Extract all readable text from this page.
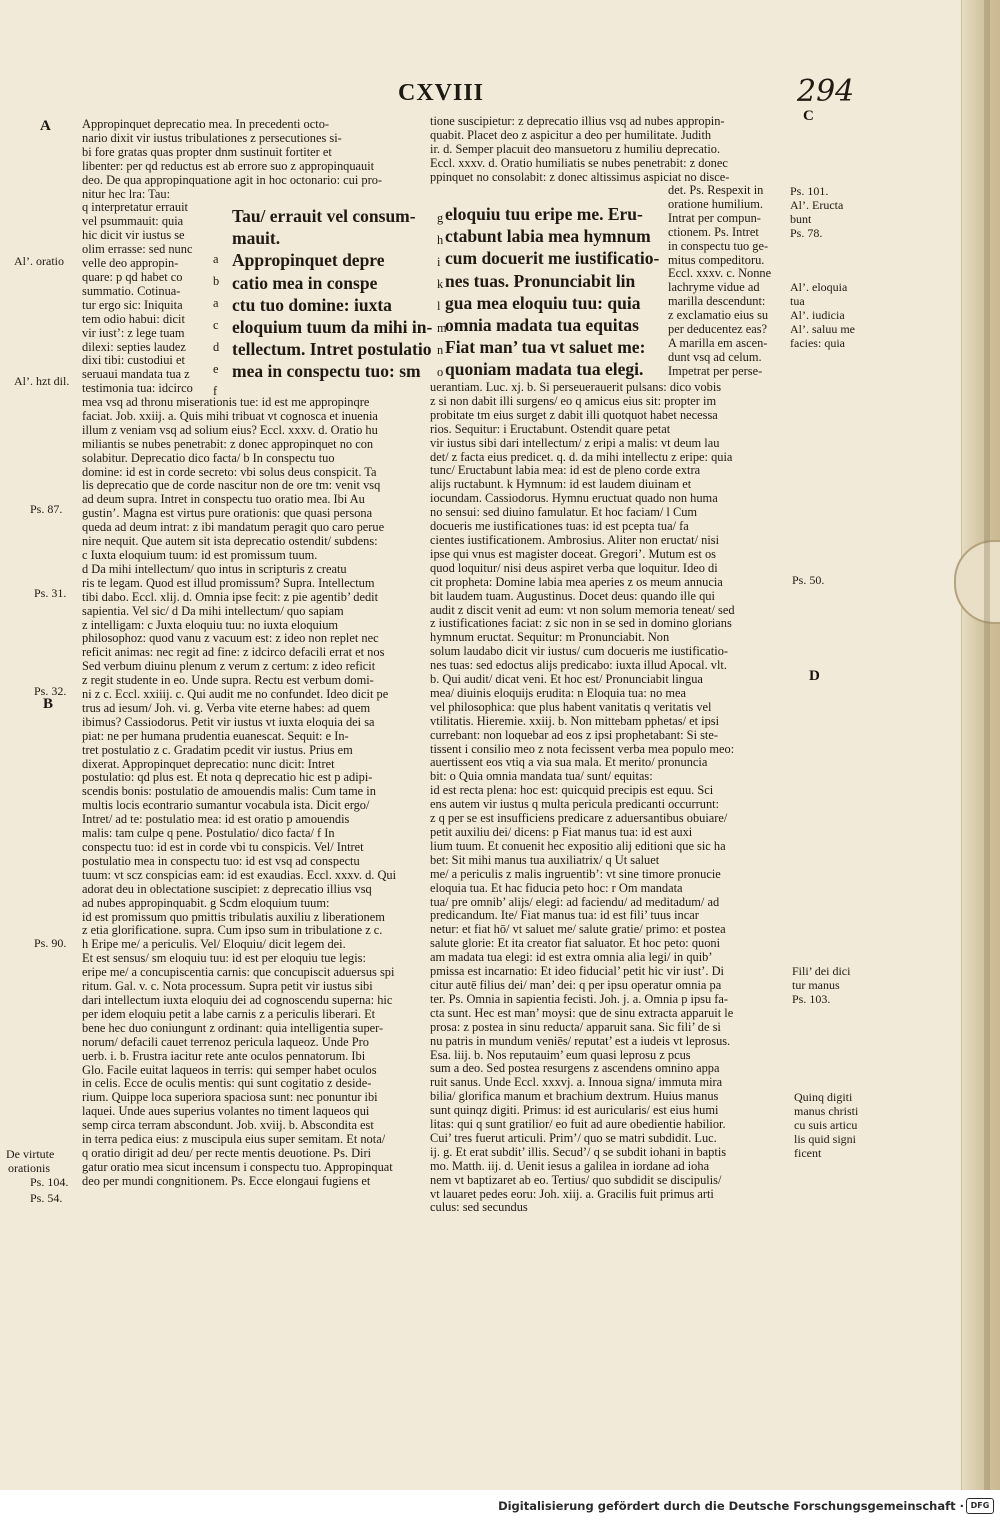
CXVIII	294
A
C
D
B

Appropinquet deprecatio mea. In precedenti octo-

nario dixit vir iustus tribulationes z persecutiones si-

bi fore gratas quas propter dnm sustinuit fortiter et

libenter: per qd reductus est ab errore suo z appropinquauit

deo. De qua appropinquatione agit in hoc octonario: cui pro-

nitur hec lra: Tau:

q interpretatur errauit

vel psummauit: quia

hic dicit vir iustus se

olim errasse: sed nunc

velle deo appropin-

quare: p qd habet co

summatio. Cotinua-

tur ergo sic: Iniquita

tem odio habui: dicit

vir iust’: z lege tuam

dilexi: septies laudez

dixi tibi: custodiui et

seruaui mandata tua z

testimonia tua: idcirco

Tau/ errauit vel consum-

mauit.

Appropinquet depre

catio mea in conspe

ctu tuo domine: iuxta

eloquium tuum da mihi in-

tellectum. Intret postulatio

mea in conspectu tuo: sm

a

b

a

c

d

e

f

eloquiu tuu eripe me. Eru-

ctabunt labia mea hymnum

cum docuerit me iustificatio-

nes tuas. Pronunciabit lin

gua mea eloquiu tuu: quia

omnia madata tua equitas

Fiat man’ tua vt saluet me:

quoniam madata tua elegi.

tione suscipietur: z deprecatio illius vsq ad nubes appropin-

quabit. Placet deo z aspicitur a deo per humilitate. Judith

ir. d. Semper placuit deo mansuetoru z humiliu deprecatio.

Eccl. xxxv. d. Oratio humiliatis se nubes penetrabit: z donec

ppinquet no consolabit: z donec altissimus aspiciat no disce-

det. Ps. Respexit in

oratione humilium.

Intrat per compun-

ctionem. Ps. Intret

in conspectu tuo ge-

mitus compeditoru.

Eccl. xxxv. c. Nonne

lachryme vidue ad

marilla descendunt:

z exclamatio eius su

per deducentez eas?

A marilla em ascen-

dunt vsq ad celum.

Impetrat per perse-

g

h

i

k

l

m

n

o

mea vsq ad thronu miserationis tue: id est me appropinqre

faciat. Job. xxiij. a. Quis mihi tribuat vt cognosca et inuenia

illum z veniam vsq ad solium eius? Eccl. xxxv. d. Oratio hu

miliantis se nubes penetrabit: z donec appropinquet no con

solabitur. Deprecatio dico facta/ b In conspectu tuo

domine: id est in corde secreto: vbi solus deus conspicit. Ta

lis deprecatio que de corde nascitur non de ore tm: venit vsq

ad deum supra. Intret in conspectu tuo oratio mea. Ibi Au

gustin’. Magna est virtus pure orationis: que quasi persona

queda ad deum intrat: z ibi mandatum peragit quo caro perue

nire nequit. Que autem sit ista deprecatio ostendit/ subdens:

c Iuxta eloquium tuum: id est promissum tuum.

d Da mihi intellectum/ quo intus in scripturis z creatu

ris te legam. Quod est illud promissum? Supra. Intellectum

tibi dabo. Eccl. xlij. d. Omnia ipse fecit: z pie agentib’ dedit

sapientia. Vel sic/ d Da mihi intellectum/ quo sapiam

z intelligam: c Juxta eloquiu tuu: no iuxta eloquium

philosophoz: quod vanu z vacuum est: z ideo non replet nec

reficit animas: nec regit ad fine: z idcirco defacili errat et nos

Sed verbum diuinu plenum z verum z certum: z ideo reficit

z regit studente in eo. Unde supra. Rectu est verbum domi-

ni z c. Eccl. xxiiij. c. Qui audit me no confundet. Ideo dicit pe

trus ad iesum/ Joh. vi. g. Verba vite eterne habes: ad quem

ibimus? Cassiodorus. Petit vir iustus vt iuxta eloquia dei sa

piat: ne per humana prudentia euanescat. Sequit: e In-

tret postulatio z c. Gradatim pcedit vir iustus. Prius em

dixerat. Appropinquet deprecatio: nunc dicit: Intret

postulatio: qd plus est. Et nota q deprecatio hic est p adipi-

scendis bonis: postulatio de amouendis malis: Cum tame in

multis locis econtrario sumantur vocabula ista. Dicit ergo/

Intret/ ad te: postulatio mea: id est oratio p amouendis

malis: tam culpe q pene. Postulatio/ dico facta/ f In

conspectu tuo: id est in corde vbi tu conspicis. Vel/ Intret

postulatio mea in conspectu tuo: id est vsq ad conspectu

tuum: vt scz conspicias eam: id est exaudias. Eccl. xxxv. d. Qui

adorat deu in oblectatione suscipiet: z deprecatio illius vsq

ad nubes appropinquabit. g Scdm eloquium tuum:

id est promissum quo pmittis tribulatis auxiliu z liberationem

z etia glorificatione. supra. Cum ipso sum in tribulatione z c.

h Eripe me/ a periculis. Vel/ Eloquiu/ dicit legem dei.

Et est sensus/ sm eloquiu tuu: id est per eloquiu tue legis:

eripe me/ a concupiscentia carnis: que concupiscit aduersus spi

ritum. Gal. v. c. Nota processum. Supra petit vir iustus sibi

dari intellectum iuxta eloquiu dei ad cognoscendu superna: hic

per idem eloquiu petit a labe carnis z a periculis liberari. Et

bene hec duo coniungunt z ordinant: quia intelligentia super-

norum/ defacili cauet terrenoz pericula laqueoz. Unde Pro

uerb. i. b. Frustra iacitur rete ante oculos pennatorum. Ibi

Glo. Facile euitat laqueos in terris: qui semper habet oculos

in celis. Ecce de oculis mentis: qui sunt cogitatio z deside-

rium. Quippe loca superiora spaciosa sunt: nec ponuntur ibi

laquei. Unde aues superius volantes no timent laqueos qui

semp circa terram abscondunt. Job. xviij. b. Abscondita est

in terra pedica eius: z muscipula eius super semitam. Et nota/

q oratio dirigit ad deu/ per recte mentis deuotione. Ps. Diri

gatur oratio mea sicut incensum i conspectu tuo. Appropinquat

deo per mundi congnitionem. Ps. Ecce elongaui fugiens et

uerantiam. Luc. xj. b. Si perseuerauerit pulsans: dico vobis

z si non dabit illi surgens/ eo q amicus eius sit: propter im

probitate tm eius surget z dabit illi quotquot habet necessa

rios. Sequitur: i Eructabunt. Ostendit quare petat

vir iustus sibi dari intellectum/ z eripi a malis: vt deum lau

det/ z facta eius predicet. q. d. da mihi intellectu z eripe: quia

tunc/ Eructabunt labia mea: id est de pleno corde extra

alijs ructabunt. k Hymnum: id est laudem diuinam et

iocundam. Cassiodorus. Hymnu eructuat quado non huma

no sensui: sed diuino famulatur. Et hoc faciam/ l Cum

docueris me iustificationes tuas: id est pcepta tua/ fa

cientes iustificationem. Ambrosius. Aliter non eructat/ nisi

ipse qui vnus est magister doceat. Gregori’. Mutum est os

quod loquitur/ nisi deus aspiret verba que loquitur. Ideo di

cit propheta: Domine labia mea aperies z os meum annucia

bit laudem tuam. Augustinus. Docet deus: quando ille qui

audit z discit venit ad eum: vt non solum memoria teneat/ sed

z iustificationes faciat: z sic non in se sed in domino glorians

hymnum eructat. Sequitur: m Pronunciabit. Non

solum laudabo dicit vir iustus/ cum docueris me iustificatio-

nes tuas: sed edoctus alijs predicabo: iuxta illud Apocal. vlt.

b. Qui audit/ dicat veni. Et hoc est/ Pronunciabit lingua

mea/ diuinis eloquijs erudita: n Eloquia tua: no mea

vel philosophica: que plus habent vanitatis q veritatis vel

vtilitatis. Hieremie. xxiij. b. Non mittebam pphetas/ et ipsi

currebant: non loquebar ad eos z ipsi prophetabant: Si ste-

tissent i consilio meo z nota fecissent verba mea populo meo:

auertissent eos vtiq a via sua mala. Et merito/ pronuncia

bit: o Quia omnia mandata tua/ sunt/ equitas:

id est recta plena: hoc est: quicquid precipis est equu. Sci

ens autem vir iustus q multa pericula predicanti occurrunt:

z q per se est insufficiens predicare z aduersantibus obuiare/

petit auxiliu dei/ dicens: p Fiat manus tua: id est auxi

lium tuum. Et conuenit hec expositio alij editioni que sic ha

bet: Sit mihi manus tua auxiliatrix/ q Ut saluet

me/ a periculis z malis ingruentib’: vt sine timore pronucie

eloquia tua. Et hac fiducia peto hoc: r Om mandata

tua/ pre omnib’ alijs/ elegi: ad faciendu/ ad meditadum/ ad

predicandum. Ite/ Fiat manus tua: id est fili’ tuus incar

netur: et fiat hō/ vt saluet me/ salute gratie/ primo: et postea

salute glorie: Et ita creator fiat saluator. Et hoc peto: quoni

am madata tua elegi: id est extra omnia alia legi/ in quib’

pmissa est incarnatio: Et ideo fiducial’ petit hic vir iust’. Di

citur autē filius dei/ man’ dei: q per ipsu operatur omnia pa

ter. Ps. Omnia in sapientia fecisti. Joh. j. a. Omnia p ipsu fa-

cta sunt. Hec est man’ moysi: que de sinu extracta apparuit le

prosa: z postea in sinu reducta/ apparuit sana. Sic fili’ de si

nu patris in mundum veniēs/ reputat’ est a iudeis vt leprosus.

Esa. liij. b. Nos reputauim’ eum quasi leprosu z pcus

sum a deo. Sed postea resurgens z ascendens omnino appa

ruit sanus. Unde Eccl. xxxvj. a. Innoua signa/ immuta mira

bilia/ glorifica manum et brachium dextrum. Huius manus

sunt quinqz digiti. Primus: id est auricularis/ est eius humi

litas: qui q sunt gratilior/ eo fuit ad aure obedientie habilior.

Cui’ tres fuerut articuli. Prim’/ quo se matri subdidit. Luc.

ij. g. Et erat subdit’ illis. Secud’/ q se subdit iohani in baptis

mo. Matth. iij. d. Uenit iesus a galilea in iordane ad ioha

nem vt baptizaret ab eo. Tertius/ quo subdidit se discipulis/

vt lauaret pedes eoru: Joh. xiij. a. Gracilis fuit primus arti

culus: sed secundus

Al’. oratio
Al’. hzt dil.
Ps. 87.
Ps. 31.
Ps. 32.
Ps. 90.
De virtute
orationis
Ps. 104.
Ps. 54.
Ps. 101.
Al’. Eructa
bunt
Ps. 78.
Al’. eloquia
tua
Al’. iudicia
Al’. saluu me
facies: quia
Ps. 50.
Fili’ dei dici
tur manus
Ps. 103.
Quinq digiti
manus christi
cu suis articu
lis quid signi
ficent
Digitalisierung gefördert durch die Deutsche Forschungsgemeinschaft · DFG
